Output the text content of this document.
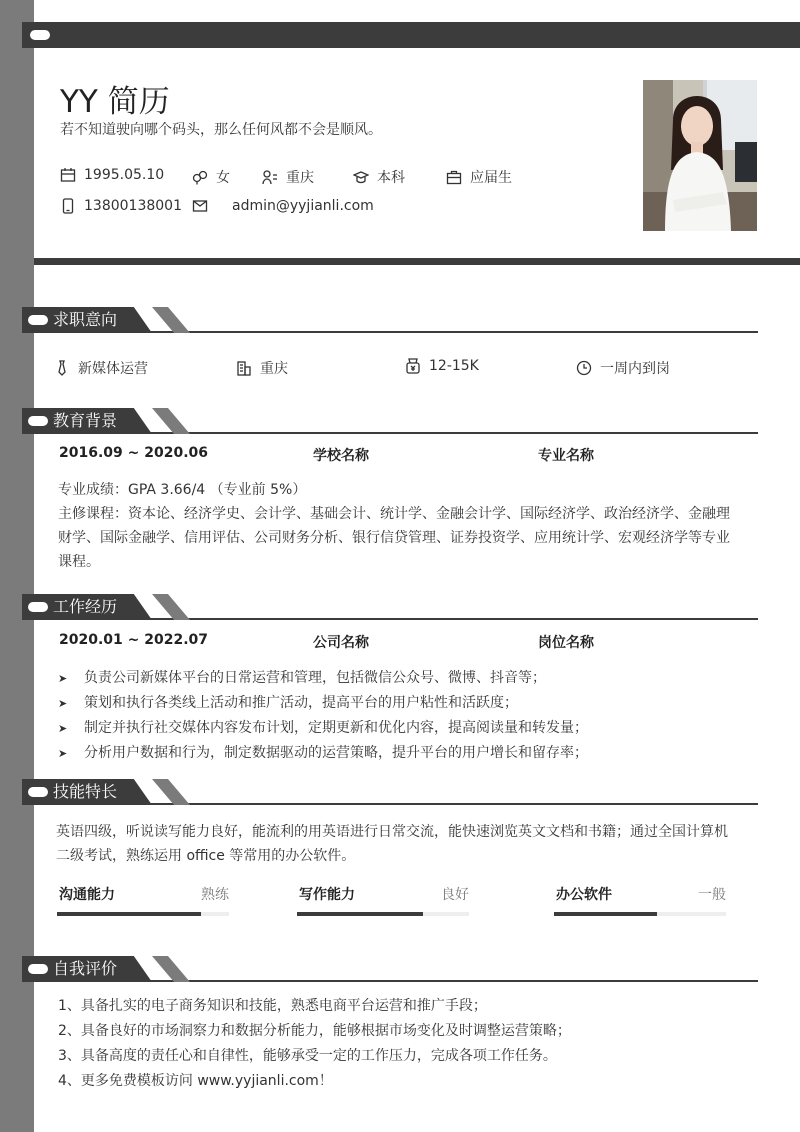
YY 简历
若不知道驶向哪个码头，那么任何风都不会是顺风。
1995.05.10	女	重庆	本科	应届生
13800138001	admin@yyjianli.com
求职意向
新媒体运营	重庆	12-15K	一周内到岗
教育背景
2016.09 ~ 2020.06	学校名称	专业名称
专业成绩：GPA 3.66/4 （专业前 5%）
主修课程：资本论、经济学史、会计学、基础会计、统计学、金融会计学、国际经济学、政治经济学、金融理财学、国际金融学、信用评估、公司财务分析、银行信贷管理、证券投资学、应用统计学、宏观经济学等专业课程。
工作经历
2020.01 ~ 2022.07	公司名称	岗位名称
➤ 负责公司新媒体平台的日常运营和管理，包括微信公众号、微博、抖音等；
➤ 策划和执行各类线上活动和推广活动，提高平台的用户粘性和活跃度；
➤ 制定并执行社交媒体内容发布计划，定期更新和优化内容，提高阅读量和转发量；
➤ 分析用户数据和行为，制定数据驱动的运营策略，提升平台的用户增长和留存率；
技能特长
英语四级，听说读写能力良好，能流利的用英语进行日常交流，能快速浏览英文文档和书籍；通过全国计算机二级考试，熟练运用 office 等常用的办公软件。
沟通能力	熟练	写作能力	良好	办公软件	一般
自我评价
1、具备扎实的电子商务知识和技能，熟悉电商平台运营和推广手段；
2、具备良好的市场洞察力和数据分析能力，能够根据市场变化及时调整运营策略；
3、具备高度的责任心和自律性，能够承受一定的工作压力，完成各项工作任务。
4、更多免费模板访问 www.yyjianli.com！
